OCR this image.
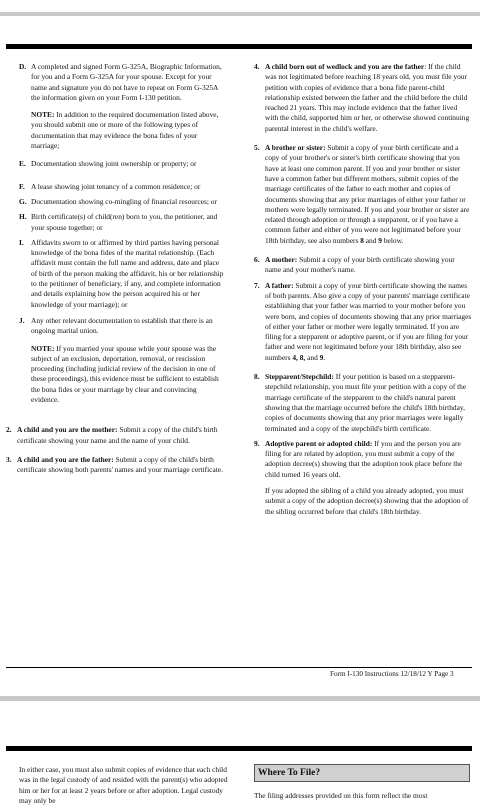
D. A completed and signed Form G-325A, Biographic Information, for you and a Form G-325A for your spouse. Except for your name and signature you do not have to repeat on Form G-325A the information given on your Form I-130 petition.
NOTE: In addition to the required documentation listed above, you should submit one or more of the following types of documentation that may evidence the bona fides of your marriage;
E. Documentation showing joint ownership or property; or
F. A lease showing joint tenancy of a common residence; or
G. Documentation showing co-mingling of financial resources; or
H. Birth certificate(s) of child(ren) born to you, the petitioner, and your spouse together; or
I. Affidavits sworn to or affirmed by third parties having personal knowledge of the bona fides of the marital relationship. (Each affidavit must contain the full name and address, date and place of birth of the person making the affidavit, his or her relationship to the petitioner of beneficiary, if any, and complete information and details explaining how the person acquired his or her knowledge of your marriage); or
J. Any other relevant documentation to establish that there is an ongoing marital union.
NOTE: If you married your spouse while your spouse was the subject of an exclusion, deportation, removal, or rescission proceeding (including judicial review of the decision in one of these proceedings), this evidence must be sufficient to establish the bona fides or your marriage by clear and convincing evidence.
2. A child and you are the mother: Submit a copy of the child's birth certificate showing your name and the name of your child.
3. A child and you are the father: Submit a copy of the child's birth certificate showing both parents' names and your marriage certificate.
4. A child born out of wedlock and you are the father: If the child was not legitimated before reaching 18 years old, you must file your petition with copies of evidence that a bona fide parent-child relationship existed between the father and the child before the child reached 21 years. This may include evidence that the father lived with the child, supported him or her, or otherwise showed continuing parental interest in the child's welfare.
5. A brother or sister: Submit a copy of your birth certificate and a copy of your brother's or sister's birth certificate showing that you have at least one common parent. If you and your brother or sister have a common father but different mothers, submit copies of the marriage certificates of the father to each mother and copies of documents showing that any prior marriages of either your father or mothers were legally terminated. If you and your brother or sister are related through adoption or through a stepparent, or if you have a common father and either of you were not legitimated before your 18th birthday, see also numbers 8 and 9 below.
6. A mother: Submit a copy of your birth certificate showing your name and your mother's name.
7. A father: Submit a copy of your birth certificate showing the names of both parents. Also give a copy of your parents' marriage certificate establishing that your father was married to your mother before you were born, and copies of documents showing that any prior marriages of either your father or mother were legally terminated. If you are filing for a stepparent or adoptive parent, or if you are filing for your father and were not legitimated before your 18th birthday, also see numbers 4, 8, and 9.
8. Stepparent/Stepchild: If your petition is based on a stepparent-stepchild relationship, you must file your petition with a copy of the marriage certificate of the stepparent to the child's natural parent showing that the marriage occurred before the child's 18th birthday, copies of documents showing that any prior marriages were legally terminated and a copy of the stepchild's birth certificate.
9. Adoptive parent or adopted child: If you and the person you are filing for are related by adoption, you must submit a copy of the adoption decree(s) showing that the adoption took place before the child turned 16 years old.
If you adopted the sibling of a child you already adopted, you must submit a copy of the adoption decree(s) showing that the adoption of the sibling occurred before that child's 18th birthday.
Form I-130 Instructions 12/18/12 Y Page 3
In either case, you must also submit copies of evidence that each child was in the legal custody of and resided with the parent(s) who adopted him or her for at least 2 years before or after adoption. Legal custody may only be
Where To File?
The filing addresses provided on this form reflect the most
